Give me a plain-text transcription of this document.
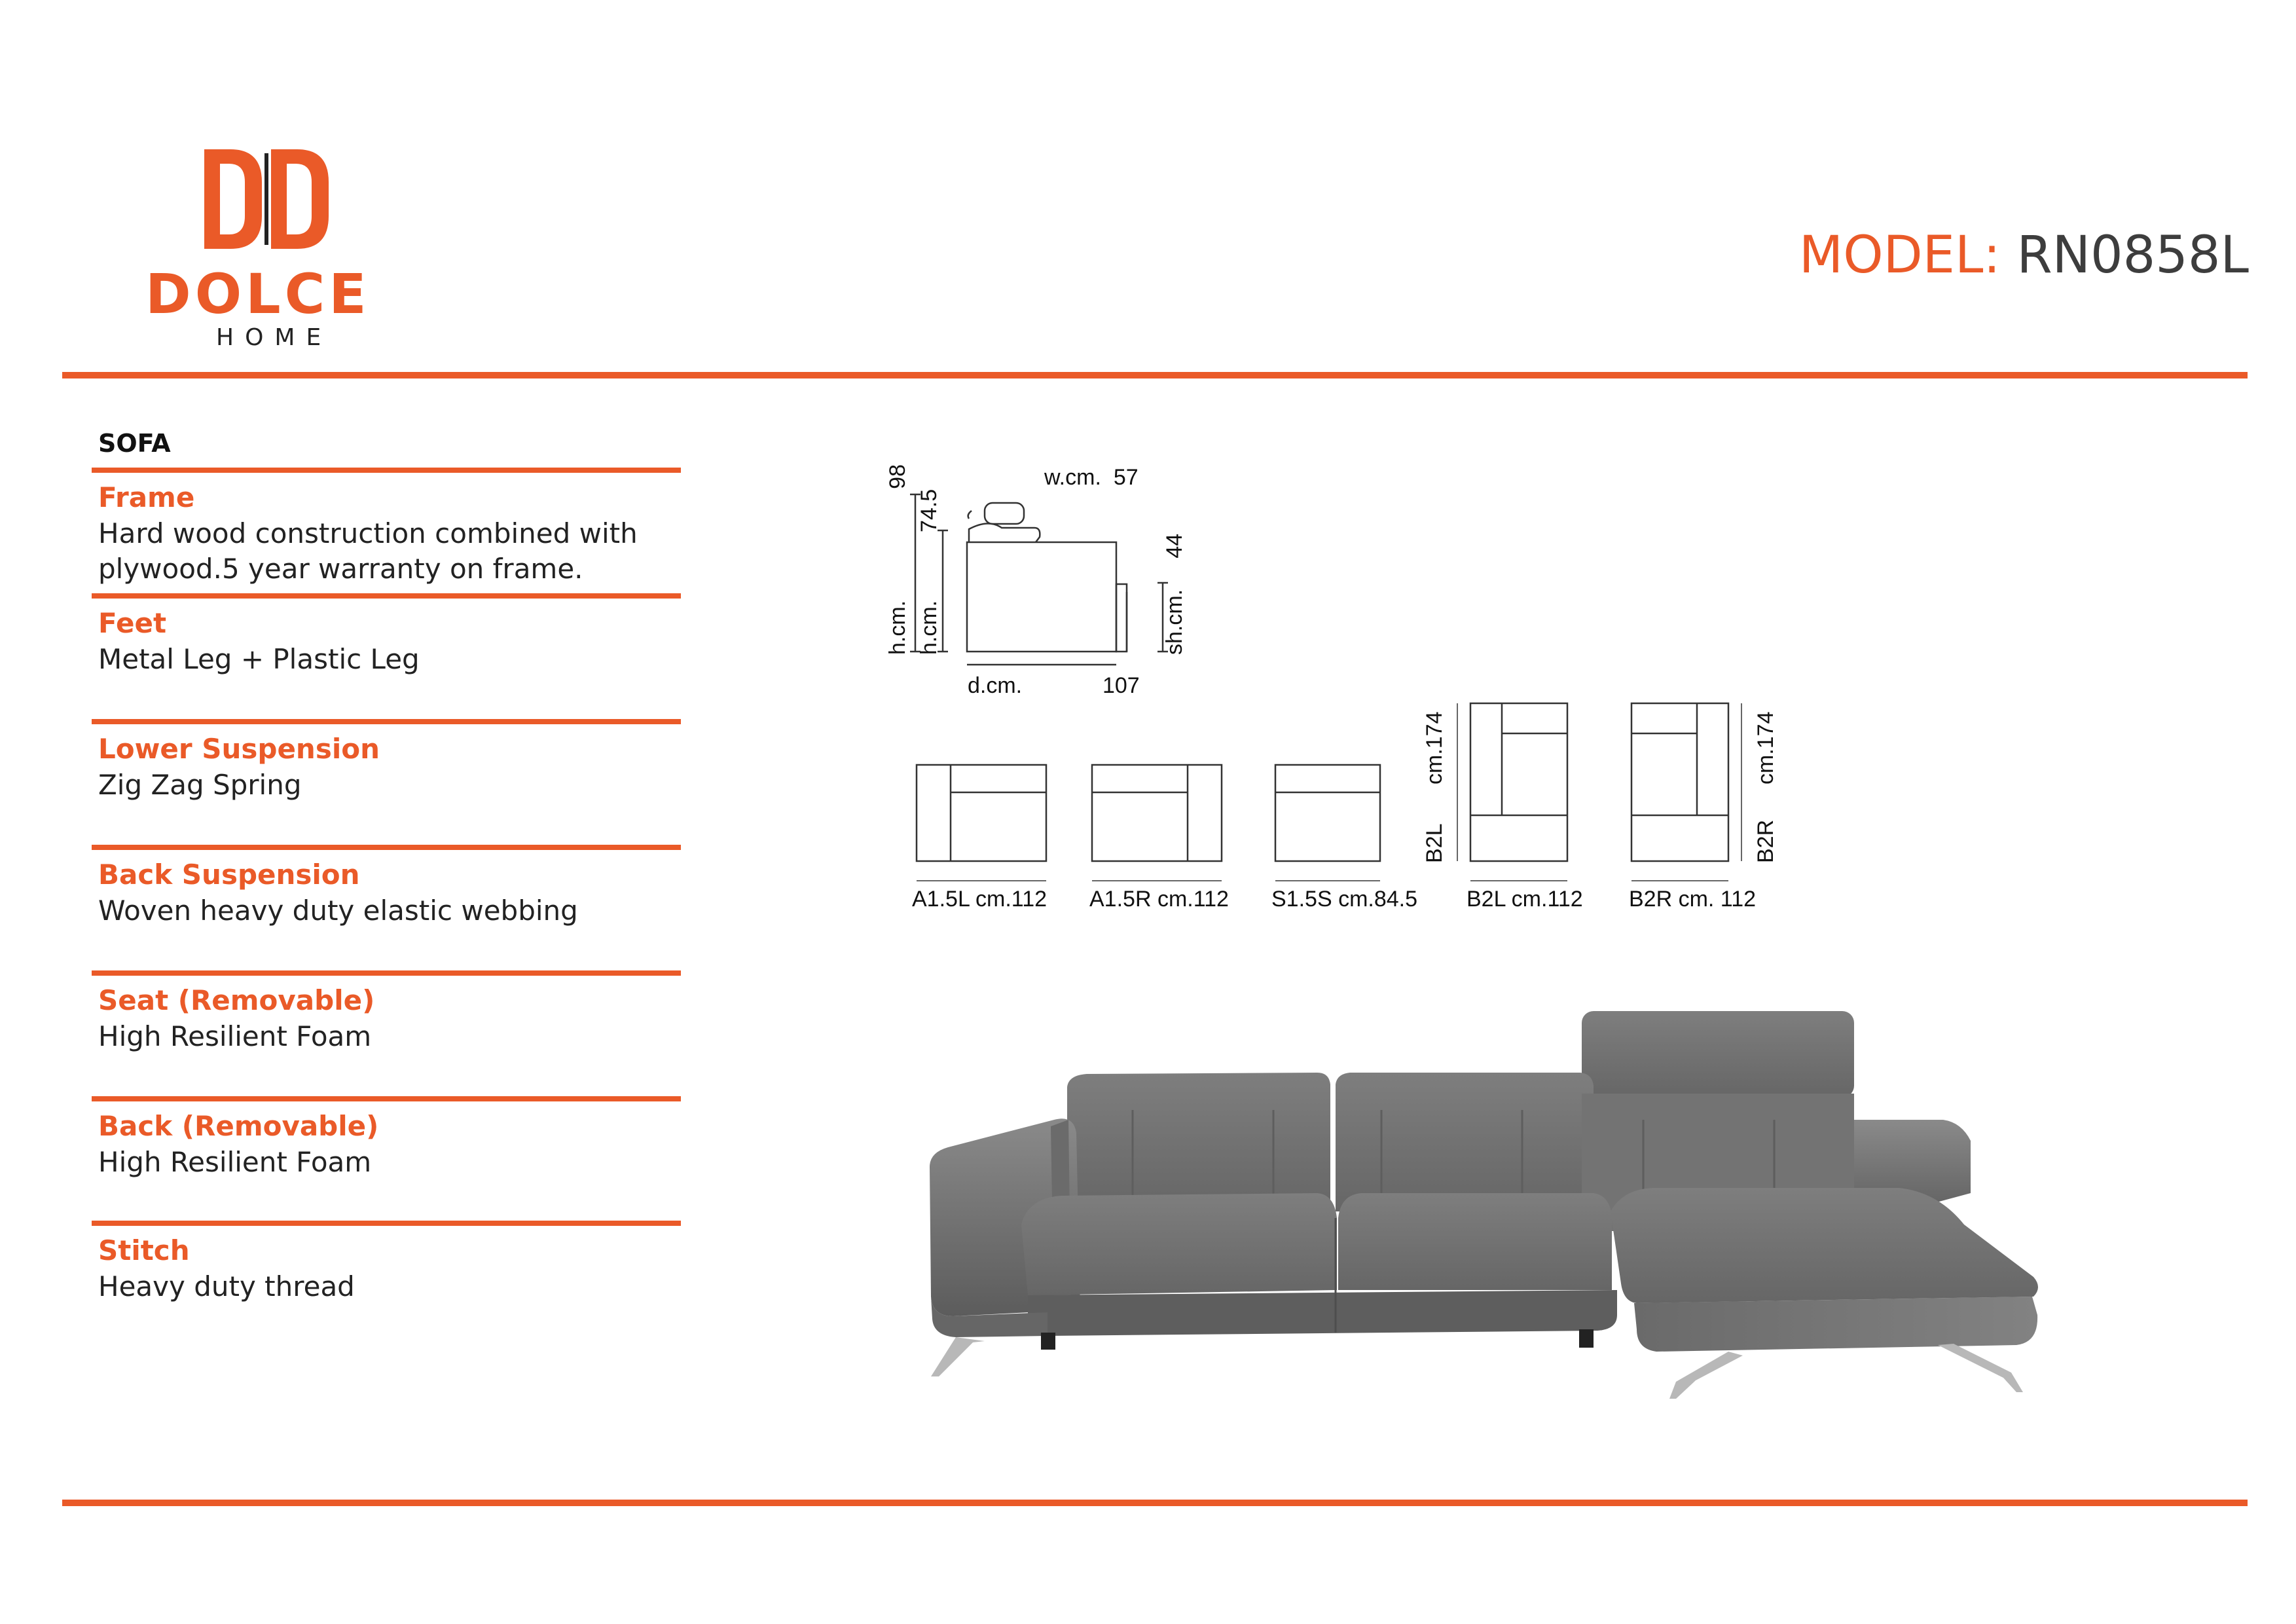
DOLCE
HOME
MODEL: RN0858L
SOFA
Frame
Hard wood construction combined with plywood.5 year warranty on frame.
Feet
Metal Leg + Plastic Leg
Lower Suspension
Zig Zag Spring
Back Suspension
Woven heavy duty elastic webbing
Seat (Removable)
High Resilient Foam
Back (Removable)
High Resilient Foam
Stitch
Heavy duty thread
w.cm. 57
h.cm.                  98
h.cm.           74.5
sh.cm.     44
d.cm.	107
A1.5L cm.112 A1.5R cm.112 S1.5S cm.84.5 B2L cm.112 B2R cm. 112
B2L
cm.174
B2R
cm.174
